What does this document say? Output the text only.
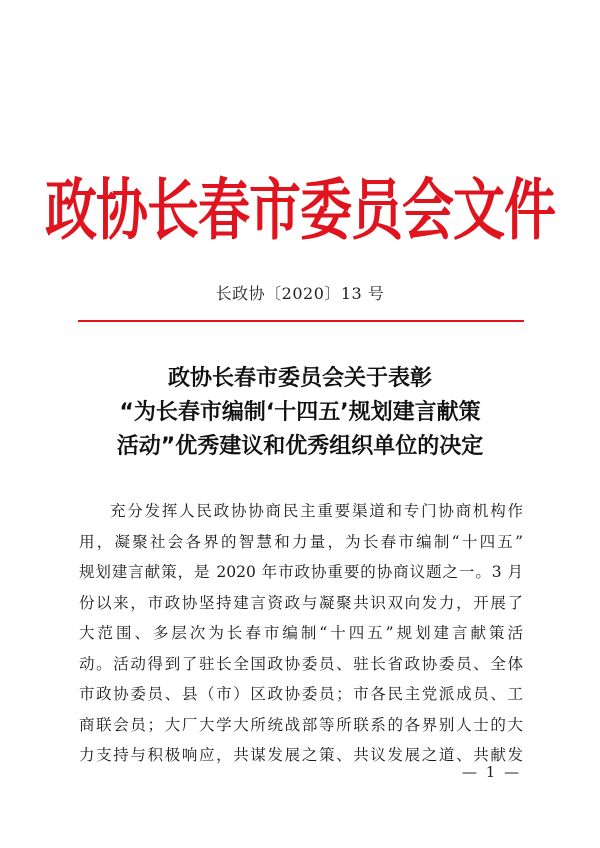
政协长春市委员会文件
长政协〔2020〕13 号
政协长春市委员会关于表彰
“为长春市编制‘十四五’规划建言献策
活动”优秀建议和优秀组织单位的决定
充分发挥人民政协协商民主重要渠道和专门协商机构作
用，凝聚社会各界的智慧和力量，为长春市编制“十四五”
规划建言献策，是 2020 年市政协重要的协商议题之一。3 月
份以来，市政协坚持建言资政与凝聚共识双向发力，开展了
大范围、多层次为长春市编制“十四五”规划建言献策活
动。活动得到了驻长全国政协委员、驻长省政协委员、全体
市政协委员、县（市）区政协委员；市各民主党派成员、工
商联会员；大厂大学大所统战部等所联系的各界别人士的大
力支持与积极响应，共谋发展之策、共议发展之道、共献发
— 1 —
